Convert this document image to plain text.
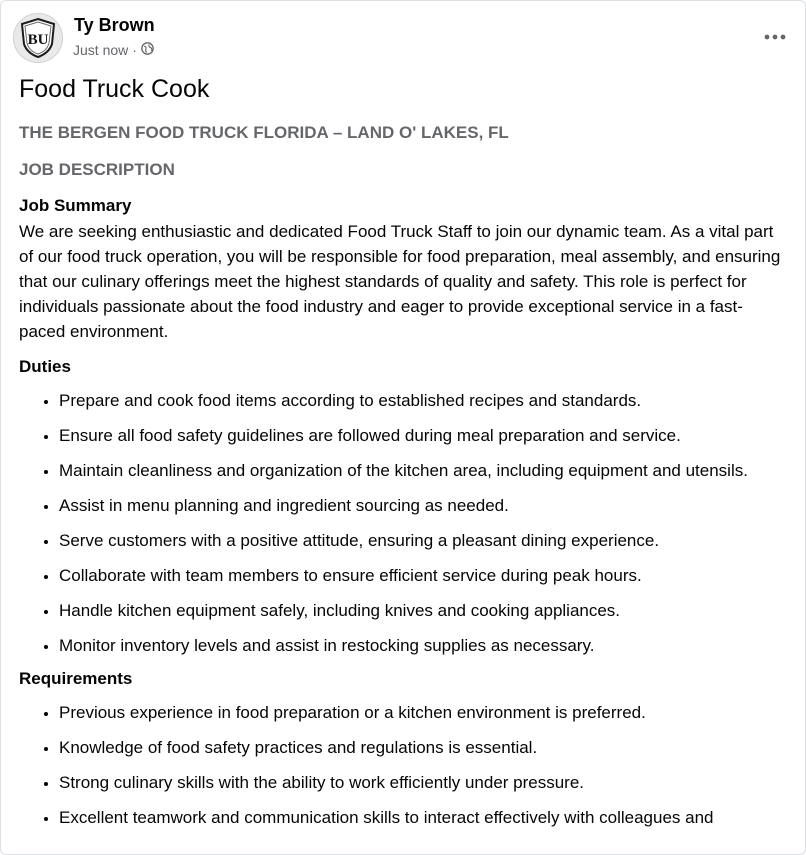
BU
Ty Brown
Just now ·
Food Truck Cook

THE BERGEN FOOD TRUCK FLORIDA – LAND O' LAKES, FL

JOB DESCRIPTION

Job Summary

We are seeking enthusiastic and dedicated Food Truck Staff to join our dynamic team. As a vital part of our food truck operation, you will be responsible for food preparation, meal assembly, and ensuring that our culinary offerings meet the highest standards of quality and safety. This role is perfect for individuals passionate about the food industry and eager to provide exceptional service in a fast-paced environment.

Duties

• Prepare and cook food items according to established recipes and standards.
• Ensure all food safety guidelines are followed during meal preparation and service.
• Maintain cleanliness and organization of the kitchen area, including equipment and utensils.
• Assist in menu planning and ingredient sourcing as needed.
• Serve customers with a positive attitude, ensuring a pleasant dining experience.
• Collaborate with team members to ensure efficient service during peak hours.
• Handle kitchen equipment safely, including knives and cooking appliances.
• Monitor inventory levels and assist in restocking supplies as necessary.

Requirements

• Previous experience in food preparation or a kitchen environment is preferred.
• Knowledge of food safety practices and regulations is essential.
• Strong culinary skills with the ability to work efficiently under pressure.
• Excellent teamwork and communication skills to interact effectively with colleagues and
